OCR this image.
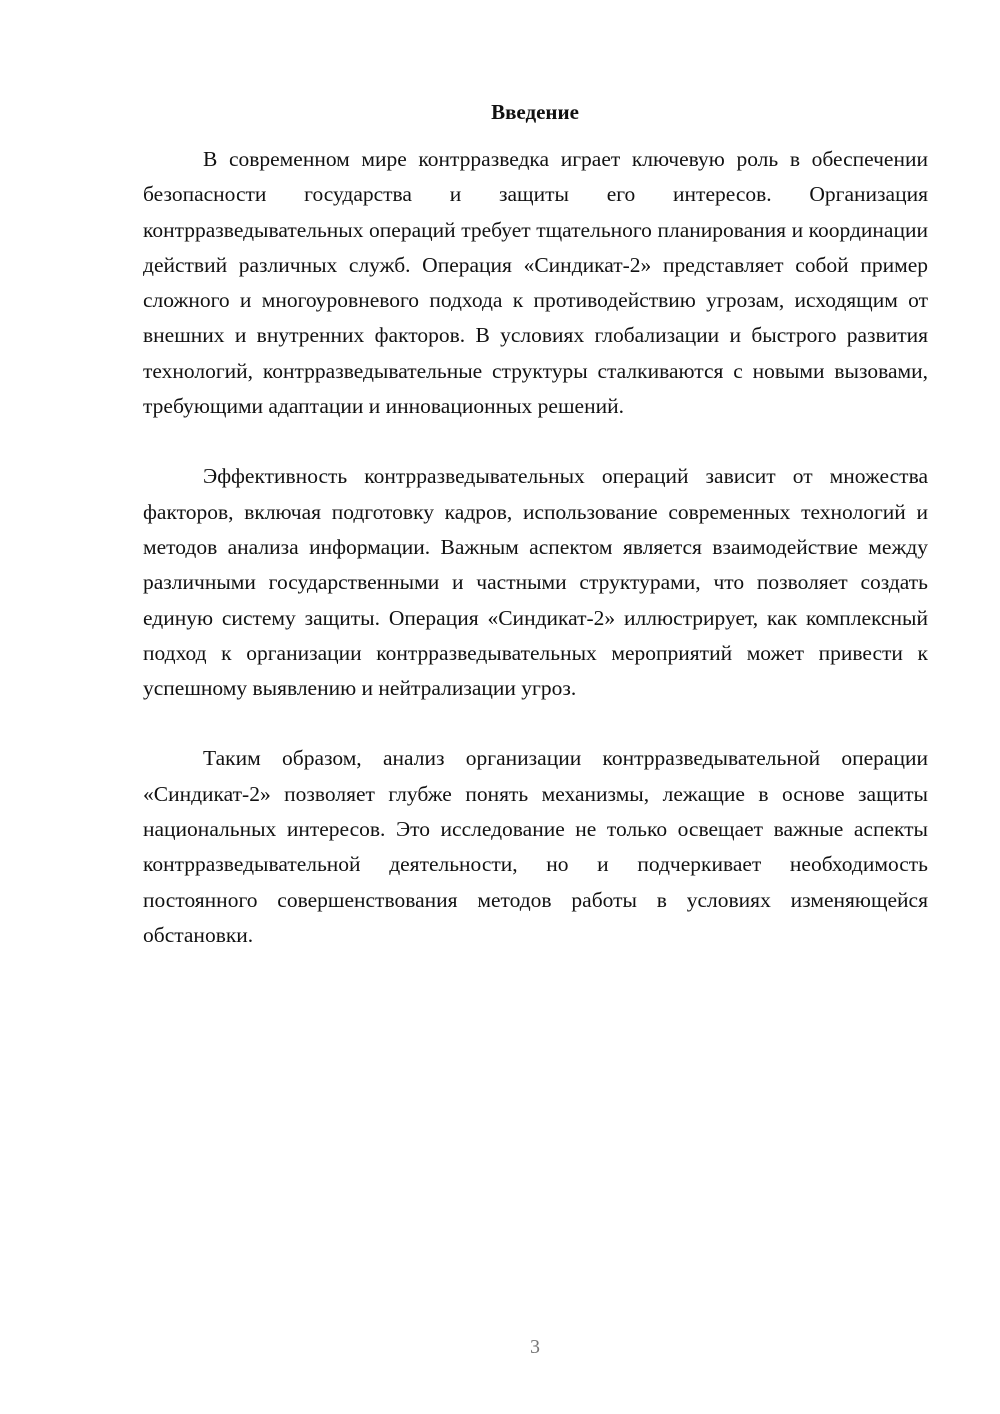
Введение

В современном мире контрразведка играет ключевую роль в обеспечении безопасности государства и защиты его интересов. Организация контрразведывательных операций требует тщательного планирования и координации действий различных служб. Операция «Синдикат-2» представляет собой пример сложного и многоуровневого подхода к противодействию угрозам, исходящим от внешних и внутренних факторов. В условиях глобализации и быстрого развития технологий, контрразведывательные структуры сталкиваются с новыми вызовами, требующими адаптации и инновационных решений.

Эффективность контрразведывательных операций зависит от множества факторов, включая подготовку кадров, использование современных технологий и методов анализа информации. Важным аспектом является взаимодействие между различными государственными и частными структурами, что позволяет создать единую систему защиты. Операция «Синдикат-2» иллюстрирует, как комплексный подход к организации контрразведывательных мероприятий может привести к успешному выявлению и нейтрализации угроз.

Таким образом, анализ организации контрразведывательной операции «Синдикат-2» позволяет глубже понять механизмы, лежащие в основе защиты национальных интересов. Это исследование не только освещает важные аспекты контрразведывательной деятельности, но и подчеркивает необходимость постоянного совершенствования методов работы в условиях изменяющейся обстановки.

3
